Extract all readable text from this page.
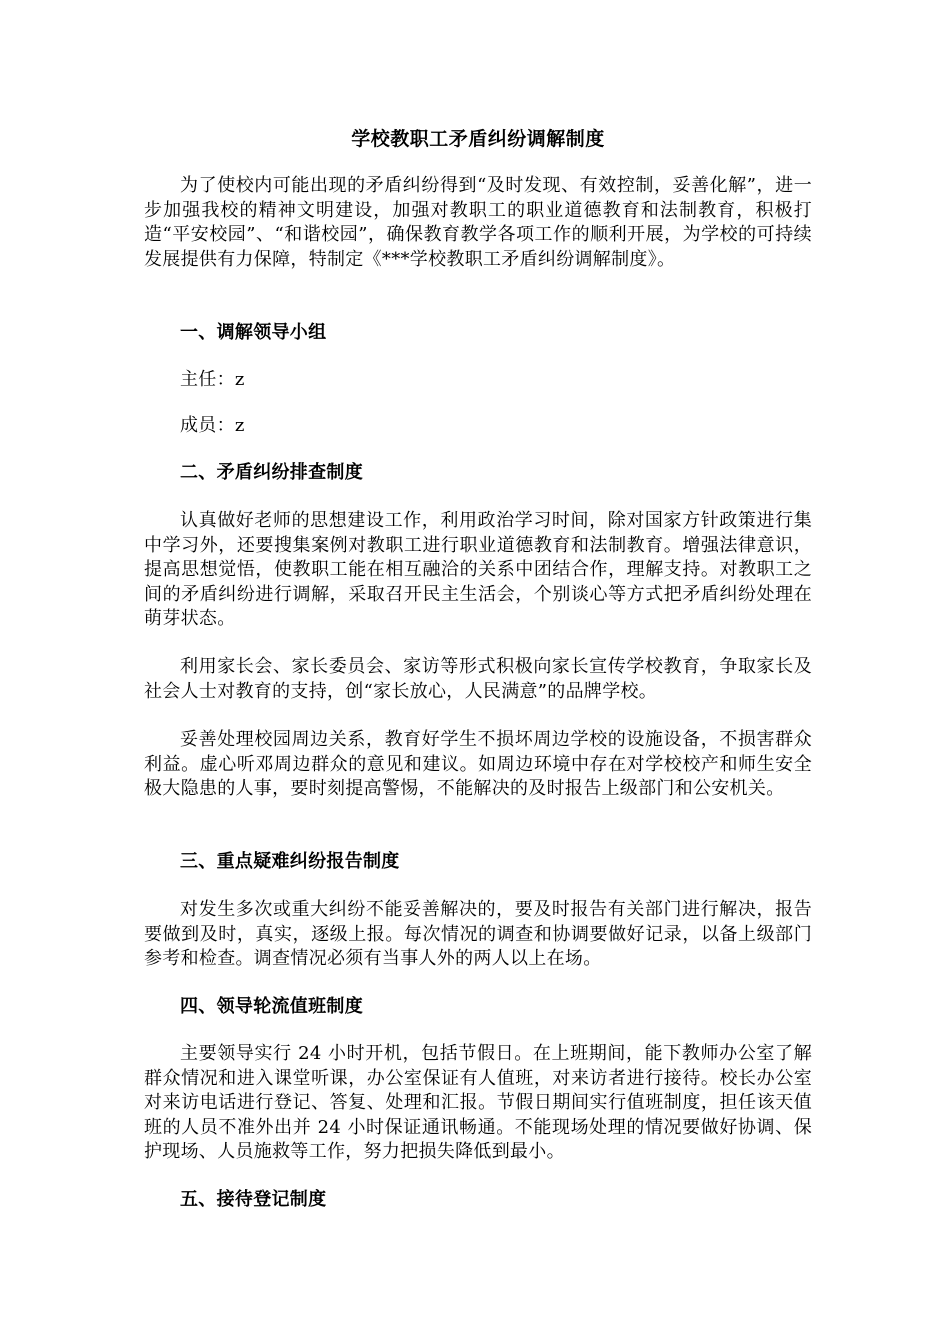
学校教职工矛盾纠纷调解制度

为了使校内可能出现的矛盾纠纷得到“及时发现、有效控制，妥善化解”，进一步加强我校的精神文明建设，加强对教职工的职业道德教育和法制教育，积极打造“平安校园”、“和谐校园”，确保教育教学各项工作的顺利开展，为学校的可持续发展提供有力保障，特制定《***学校教职工矛盾纠纷调解制度》。

一、调解领导小组

主任：z

成员：z

二、矛盾纠纷排查制度

认真做好老师的思想建设工作，利用政治学习时间，除对国家方针政策进行集中学习外，还要搜集案例对教职工进行职业道德教育和法制教育。增强法律意识，提高思想觉悟，使教职工能在相互融洽的关系中团结合作，理解支持。对教职工之间的矛盾纠纷进行调解，采取召开民主生活会，个别谈心等方式把矛盾纠纷处理在萌芽状态。

利用家长会、家长委员会、家访等形式积极向家长宣传学校教育，争取家长及社会人士对教育的支持，创“家长放心，人民满意”的品牌学校。

妥善处理校园周边关系，教育好学生不损坏周边学校的设施设备，不损害群众利益。虚心听邓周边群众的意见和建议。如周边环境中存在对学校校产和师生安全极大隐患的人事，要时刻提高警惕，不能解决的及时报告上级部门和公安机关。

三、重点疑难纠纷报告制度

对发生多次或重大纠纷不能妥善解决的，要及时报告有关部门进行解决，报告要做到及时，真实，逐级上报。每次情况的调查和协调要做好记录，以备上级部门参考和检查。调查情况必须有当事人外的两人以上在场。

四、领导轮流值班制度

主要领导实行 24 小时开机，包括节假日。在上班期间，能下教师办公室了解群众情况和进入课堂听课，办公室保证有人值班，对来访者进行接待。校长办公室对来访电话进行登记、答复、处理和汇报。节假日期间实行值班制度，担任该天值班的人员不准外出并 24 小时保证通讯畅通。不能现场处理的情况要做好协调、保护现场、人员施救等工作，努力把损失降低到最小。

五、接待登记制度
